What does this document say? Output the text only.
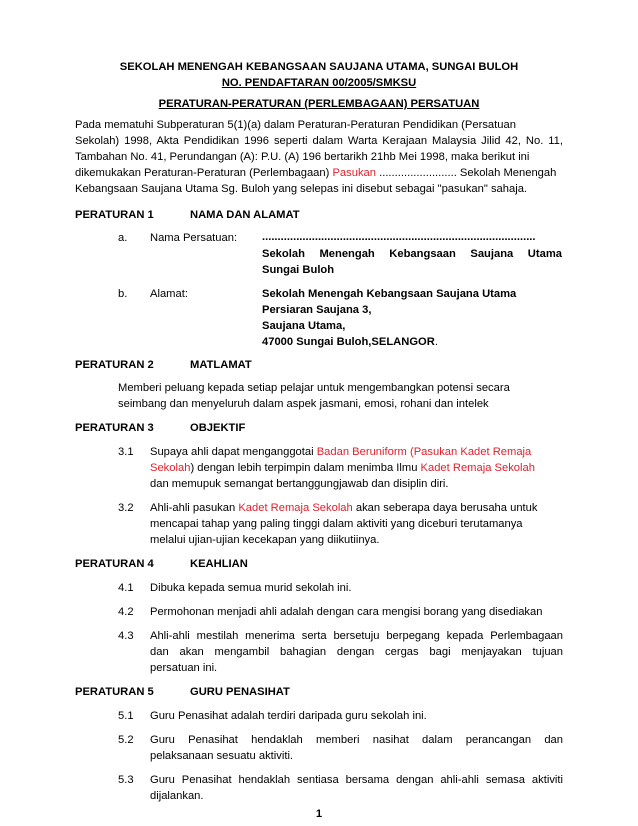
SEKOLAH MENENGAH KEBANGSAAN SAUJANA UTAMA, SUNGAI BULOH
NO. PENDAFTARAN 00/2005/SMKSU
PERATURAN-PERATURAN (PERLEMBAGAAN) PERSATUAN
Pada mematuhi Subperaturan 5(1)(a) dalam Peraturan-Peraturan Pendidikan (Persatuan
Sekolah) 1998, Akta Pendidikan 1996 seperti dalam Warta Kerajaan Malaysia Jilid 42, No. 11,
Tambahan No. 41, Perundangan (A): P.U. (A) 196 bertarikh 21hb Mei 1998, maka berikut ini
dikemukakan Peraturan-Peraturan (Perlembagaan) Pasukan ......................... Sekolah Menengah
Kebangsaan Saujana Utama Sg. Buloh yang selepas ini disebut sebagai "pasukan" sahaja.
PERATURAN 1	NAMA DAN ALAMAT
a. Nama Persatuan: ........................................................................................
Sekolah Menengah Kebangsaan Saujana Utama
Sungai Buloh
b. Alamat:	Sekolah Menengah Kebangsaan Saujana Utama
Persiaran Saujana 3,
Saujana Utama,
47000 Sungai Buloh,SELANGOR.
PERATURAN 2	MATLAMAT
Memberi peluang kepada setiap pelajar untuk mengembangkan potensi secara
seimbang dan menyeluruh dalam aspek jasmani, emosi, rohani dan intelek
PERATURAN 3	OBJEKTIF
3.1 Supaya ahli dapat menganggotai Badan Beruniform (Pasukan Kadet Remaja
Sekolah) dengan lebih terpimpin dalam menimba Ilmu Kadet Remaja Sekolah
dan memupuk semangat bertanggungjawab dan disiplin diri.
3.2 Ahli-ahli pasukan Kadet Remaja Sekolah akan seberapa daya berusaha untuk
mencapai tahap yang paling tinggi dalam aktiviti yang diceburi terutamanya
melalui ujian-ujian kecekapan yang diikutiinya.
PERATURAN 4	KEAHLIAN
4.1 Dibuka kepada semua murid sekolah ini.
4.2 Permohonan menjadi ahli adalah dengan cara mengisi borang yang disediakan
4.3 Ahli-ahli mestilah menerima serta bersetuju berpegang kepada Perlembagaan
dan akan mengambil bahagian dengan cergas bagi menjayakan tujuan
persatuan ini.
PERATURAN 5	GURU PENASIHAT
5.1 Guru Penasihat adalah terdiri daripada guru sekolah ini.
5.2 Guru Penasihat hendaklah memberi nasihat dalam perancangan dan
pelaksanaan sesuatu aktiviti.
5.3 Guru Penasihat hendaklah sentiasa bersama dengan ahli-ahli semasa aktiviti
dijalankan.
1
